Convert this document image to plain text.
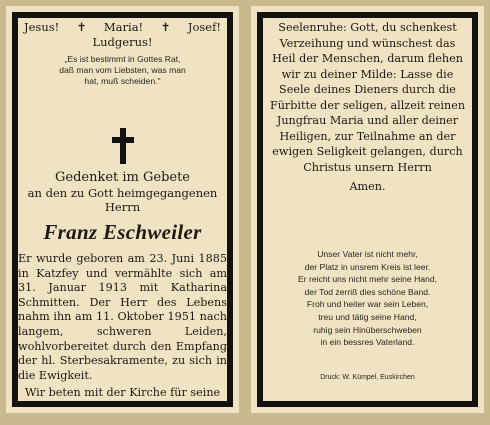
Jesus! ✝ Maria! ✝ Josef!
Ludgerus!
„Es ist bestimmt in Gottes Rat,
daß man vom Liebsten, was man
hat, muß scheiden."
Gedenket im Gebete
an den zu Gott heimgegangenen
Herrn
Franz Eschweiler

Er wurde geboren am 23. Juni 1885 in Katzfey und vermählte sich am 31. Januar 1913 mit Katharina Schmitten. Der Herr des Lebens nahm ihn am 11. Oktober 1951 nach langem, schweren Leiden, wohlvorbereitet durch den Empfang der hl. Sterbesakramente, zu sich in die Ewigkeit.

Wir beten mit der Kirche für seine

Seelenruhe: Gott, du schenkest
Verzeihung und wünschest das
Heil der Menschen, darum flehen
wir zu deiner Milde: Lasse die
Seele deines Dieners durch die
Fürbitte der seligen, allzeit reinen
Jungfrau Maria und aller deiner
Heiligen, zur Teilnahme an der
ewigen Seligkeit gelangen, durch
Christus unsern Herrn
Amen.
Unser Vater ist nicht mehr,
der Platz in unsrem Kreis ist leer.
Er reicht uns nicht mehr seine Hand,
der Tod zerriß dies schöne Band.
Froh und heiter war sein Leben,
treu und tätig seine Hand,
ruhig sein Hinüberschweben
in ein bessres Vaterland.
Druck: W. Kümpel, Euskirchen
